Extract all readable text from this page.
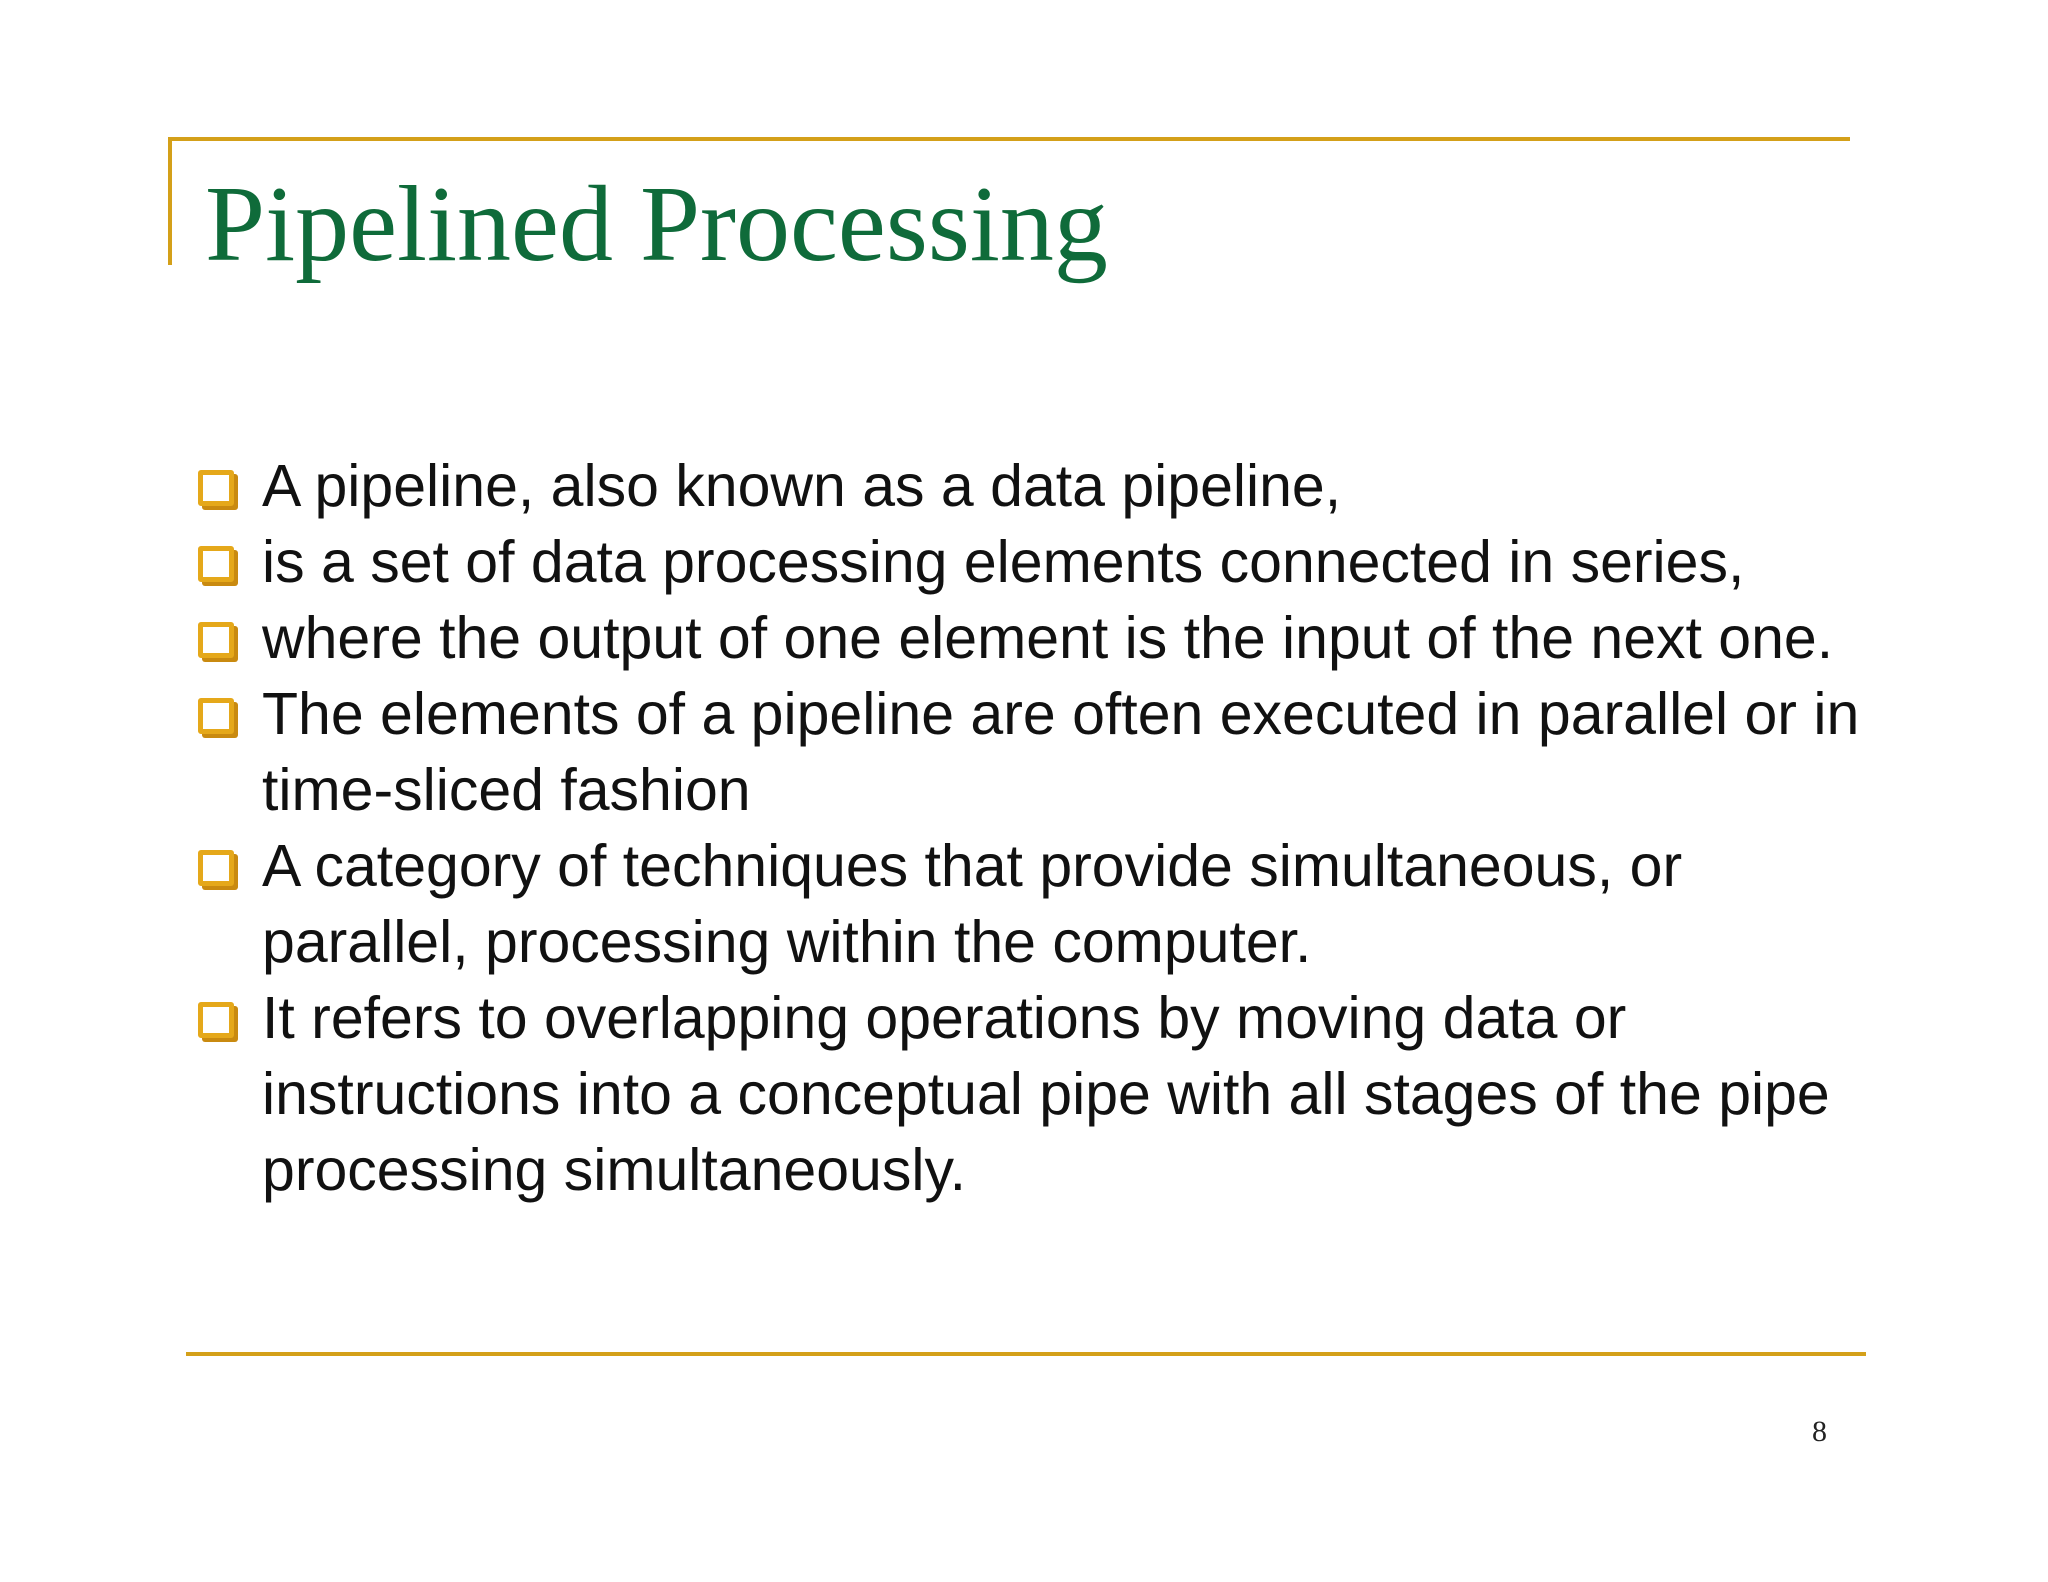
Pipelined Processing
A pipeline, also known as a data pipeline,
is a set of data processing elements connected in series,
where the output of one element is the input of the next one.
The elements of a pipeline are often executed in parallel or in time-sliced fashion
A category of techniques that provide simultaneous, or parallel, processing within the computer.
It refers to overlapping operations by moving data or instructions into a conceptual pipe with all stages of the pipe processing simultaneously.
8
